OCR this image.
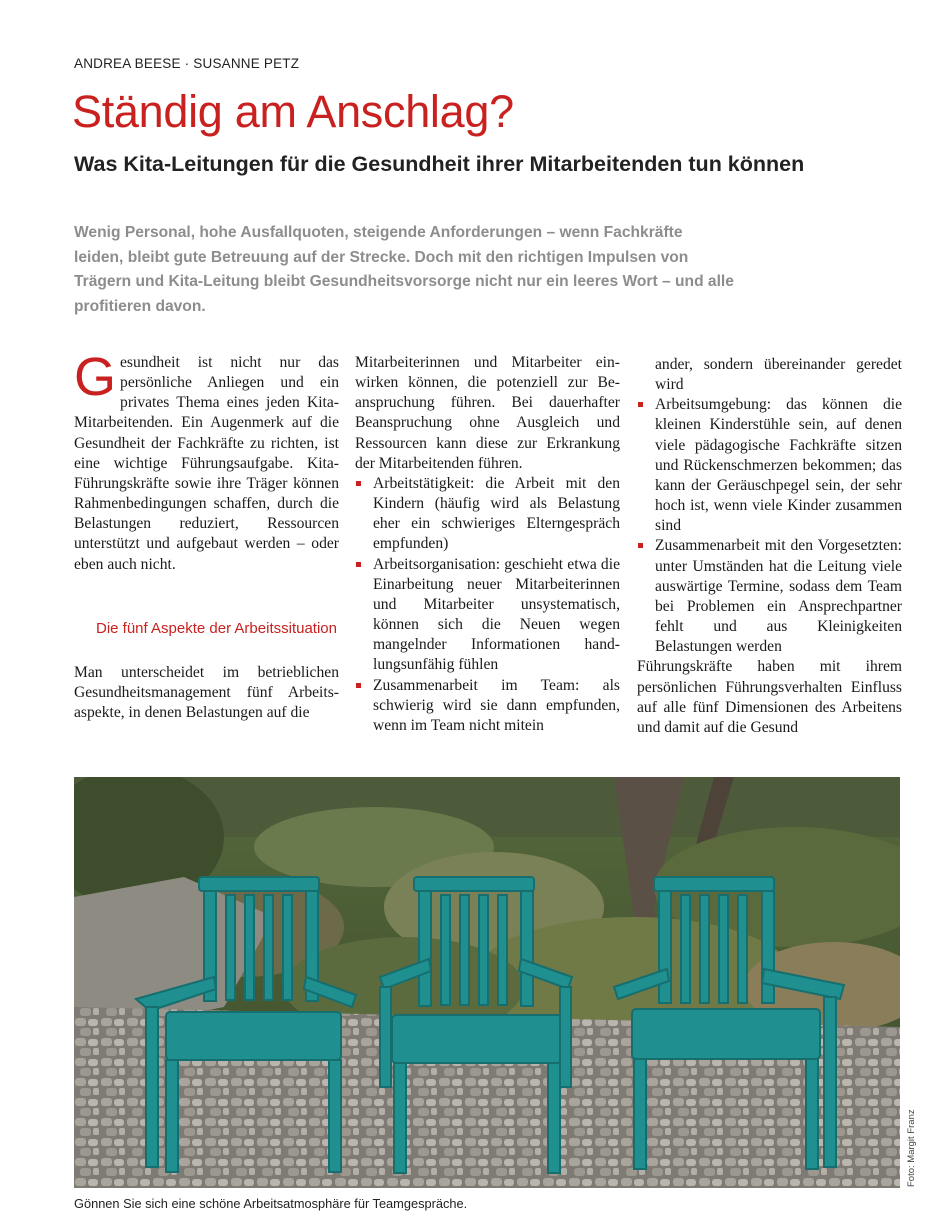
ANDREA BEESE · SUSANNE PETZ
Ständig am Anschlag?
Was Kita-Leitungen für die Gesundheit ihrer Mitarbeitenden tun können

Wenig Personal, hohe Ausfallquoten, steigende Anforderungen – wenn Fachkräfte leiden, bleibt gute Betreuung auf der Strecke. Doch mit den richtigen Impulsen von Trägern und Kita-Leitung bleibt Gesundheitsvorsorge nicht nur ein leeres Wort – und alle profitieren davon.

Gesundheit ist nicht nur das persönliche Anliegen und ein privates Thema eines jeden Kita-Mitarbeitenden. Ein Augenmerk auf die Gesundheit der Fachkräfte zu richten, ist eine wichtige Führungsaufgabe. Kita-Führungskräfte sowie ihre Träger können Rahmenbedingungen schaffen, durch die Belastungen reduziert, Ressourcen unterstützt und aufgebaut werden – oder eben auch nicht.

Die fünf Aspekte der Arbeitssituation

Man unterscheidet im betrieblichen Gesundheitsmanagement fünf Arbeitsaspekte, in denen Belastungen auf die

Mitarbeiterinnen und Mitarbeiter einwirken können, die potenziell zur Beanspruchung führen. Bei dauerhafter Beanspruchung ohne Ausgleich und Ressourcen kann diese zur Erkrankung der Mitarbeitenden führen.

Arbeitstätigkeit: die Arbeit mit den Kindern (häufig wird als Belastung eher ein schwieriges Elterngespräch empfunden)
Arbeitsorganisation: geschieht etwa die Einarbeitung neuer Mitarbeiterinnen und Mitarbeiter unsystematisch, können sich die Neuen wegen mangelnder Informationen handlungsunfähig fühlen
Zusammenarbeit im Team: als schwierig wird sie dann empfunden, wenn im Team nicht mitein

ander, sondern übereinander geredet wird

Arbeitsumgebung: das können die kleinen Kinderstühle sein, auf denen viele pädagogische Fachkräfte sitzen und Rückenschmerzen bekommen; das kann der Geräuschpegel sein, der sehr hoch ist, wenn viele Kinder zusammen sind
Zusammenarbeit mit den Vorgesetzten: unter Umständen hat die Leitung viele auswärtige Termine, sodass dem Team bei Problemen ein Ansprechpartner fehlt und aus Kleinigkeiten Belastungen werden

Führungskräfte haben mit ihrem persönlichen Führungsverhalten Einfluss auf alle fünf Dimensionen des Arbeitens und damit auf die Gesund

Gönnen Sie sich eine schöne Arbeitsatmosphäre für Teamgespräche.
Foto: Margit Franz
